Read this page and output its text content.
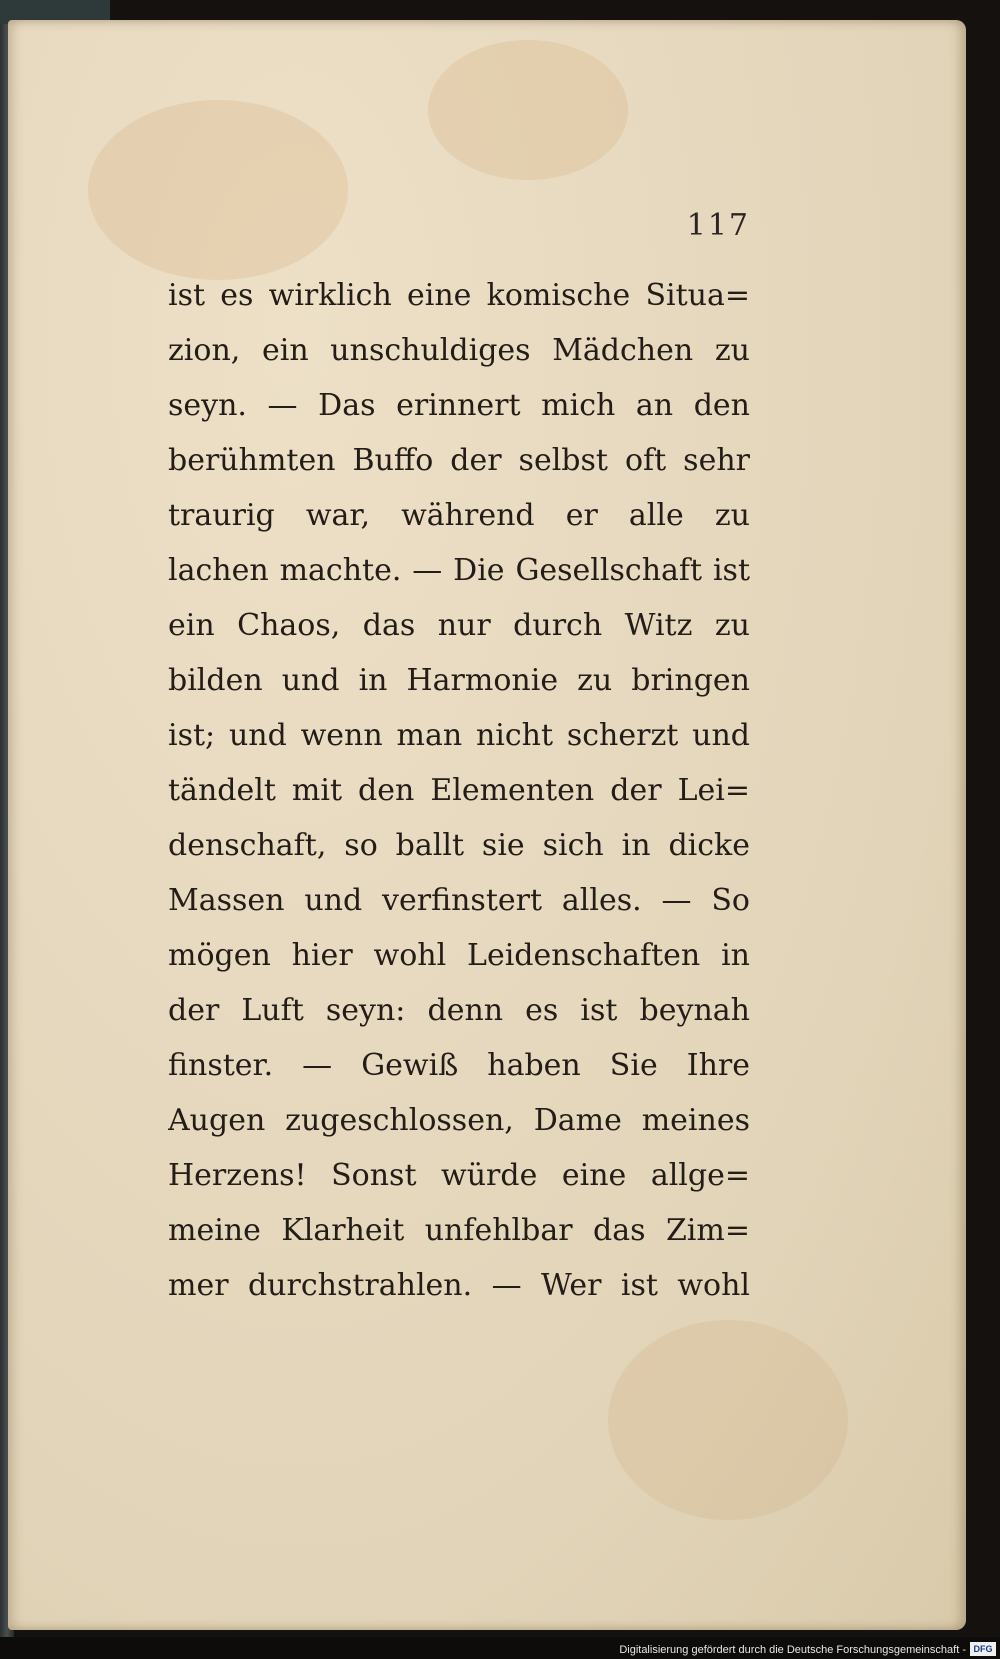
117
ist es wirklich eine komische Situa=
zion, ein unschuldiges Mädchen zu
seyn. — Das erinnert mich an den
berühmten Buffo der selbst oft sehr
traurig war, während er alle zu
lachen machte. — Die Gesellschaft ist
ein Chaos, das nur durch Witz zu
bilden und in Harmonie zu bringen
ist; und wenn man nicht scherzt und
tändelt mit den Elementen der Lei=
denschaft, so ballt sie sich in dicke
Massen und verfinstert alles. — So
mögen hier wohl Leidenschaften in
der Luft seyn: denn es ist beynah
finster. — Gewiß haben Sie Ihre
Augen zugeschlossen, Dame meines
Herzens! Sonst würde eine allge=
meine Klarheit unfehlbar das Zim=
mer durchstrahlen. — Wer ist wohl
Digitalisierung gefördert durch die Deutsche Forschungsgemeinschaft - DFG
